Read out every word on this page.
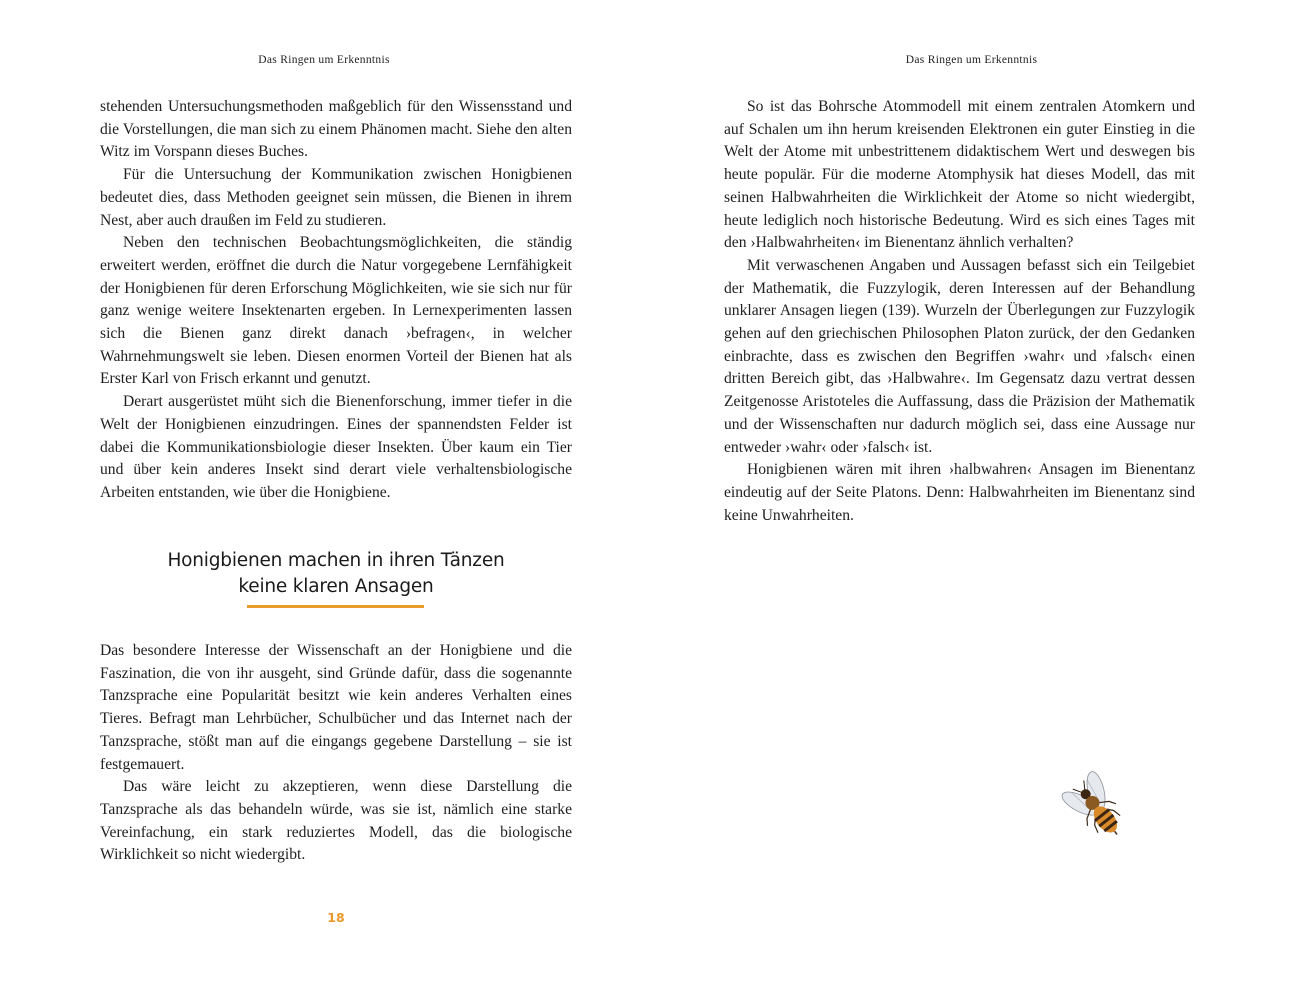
Das Ringen um Erkenntnis

stehenden Untersuchungsmethoden maßgeblich für den Wissensstand und die Vorstellungen, die man sich zu einem Phänomen macht. Siehe den alten Witz im Vorspann dieses Buches.

Für die Untersuchung der Kommunikation zwischen Honigbienen bedeutet dies, dass Methoden geeignet sein müssen, die Bienen in ihrem Nest, aber auch draußen im Feld zu studieren.

Neben den technischen Beobachtungsmöglichkeiten, die ständig erweitert werden, eröffnet die durch die Natur vorgegebene Lernfähigkeit der Honigbienen für deren Erforschung Möglichkeiten, wie sie sich nur für ganz wenige weitere Insektenarten ergeben. In Lernexperimenten lassen sich die Bienen ganz direkt danach ›befragen‹, in welcher Wahrnehmungswelt sie leben. Diesen enormen Vorteil der Bienen hat als Erster Karl von Frisch erkannt und genutzt.

Derart ausgerüstet müht sich die Bienenforschung, immer tiefer in die Welt der Honigbienen einzudringen. Eines der spannendsten Felder ist dabei die Kommunikationsbiologie dieser Insekten. Über kaum ein Tier und über kein anderes Insekt sind derart viele verhaltensbiologische Arbeiten entstanden, wie über die Honigbiene.

Honigbienen machen in ihren Tänzen
keine klaren Ansagen

Das besondere Interesse der Wissenschaft an der Honigbiene und die Faszination, die von ihr ausgeht, sind Gründe dafür, dass die sogenannte Tanzsprache eine Popularität besitzt wie kein anderes Verhalten eines Tieres. Befragt man Lehrbücher, Schulbücher und das Internet nach der Tanzsprache, stößt man auf die eingangs gegebene Darstellung – sie ist festgemauert.

Das wäre leicht zu akzeptieren, wenn diese Darstellung die Tanzsprache als das behandeln würde, was sie ist, nämlich eine starke Vereinfachung, ein stark reduziertes Modell, das die biologische Wirklichkeit so nicht wiedergibt.

18
Das Ringen um Erkenntnis

So ist das Bohrsche Atommodell mit einem zentralen Atomkern und auf Schalen um ihn herum kreisenden Elektronen ein guter Einstieg in die Welt der Atome mit unbestrittenem didaktischem Wert und deswegen bis heute populär. Für die moderne Atomphysik hat dieses Modell, das mit seinen Halbwahrheiten die Wirklichkeit der Atome so nicht wiedergibt, heute lediglich noch historische Bedeutung. Wird es sich eines Tages mit den ›Halbwahrheiten‹ im Bienentanz ähnlich verhalten?

Mit verwaschenen Angaben und Aussagen befasst sich ein Teilgebiet der Mathematik, die Fuzzylogik, deren Interessen auf der Behandlung unklarer Ansagen liegen (139). Wurzeln der Überlegungen zur Fuzzylogik gehen auf den griechischen Philosophen Platon zurück, der den Gedanken einbrachte, dass es zwischen den Begriffen ›wahr‹ und ›falsch‹ einen dritten Bereich gibt, das ›Halbwahre‹. Im Gegensatz dazu vertrat dessen Zeitgenosse Aristoteles die Auffassung, dass die Präzision der Mathematik und der Wissenschaften nur dadurch möglich sei, dass eine Aussage nur entweder ›wahr‹ oder ›falsch‹ ist.

Honigbienen wären mit ihren ›halbwahren‹ Ansagen im Bienentanz eindeutig auf der Seite Platons. Denn: Halbwahrheiten im Bienentanz sind keine Unwahrheiten.
